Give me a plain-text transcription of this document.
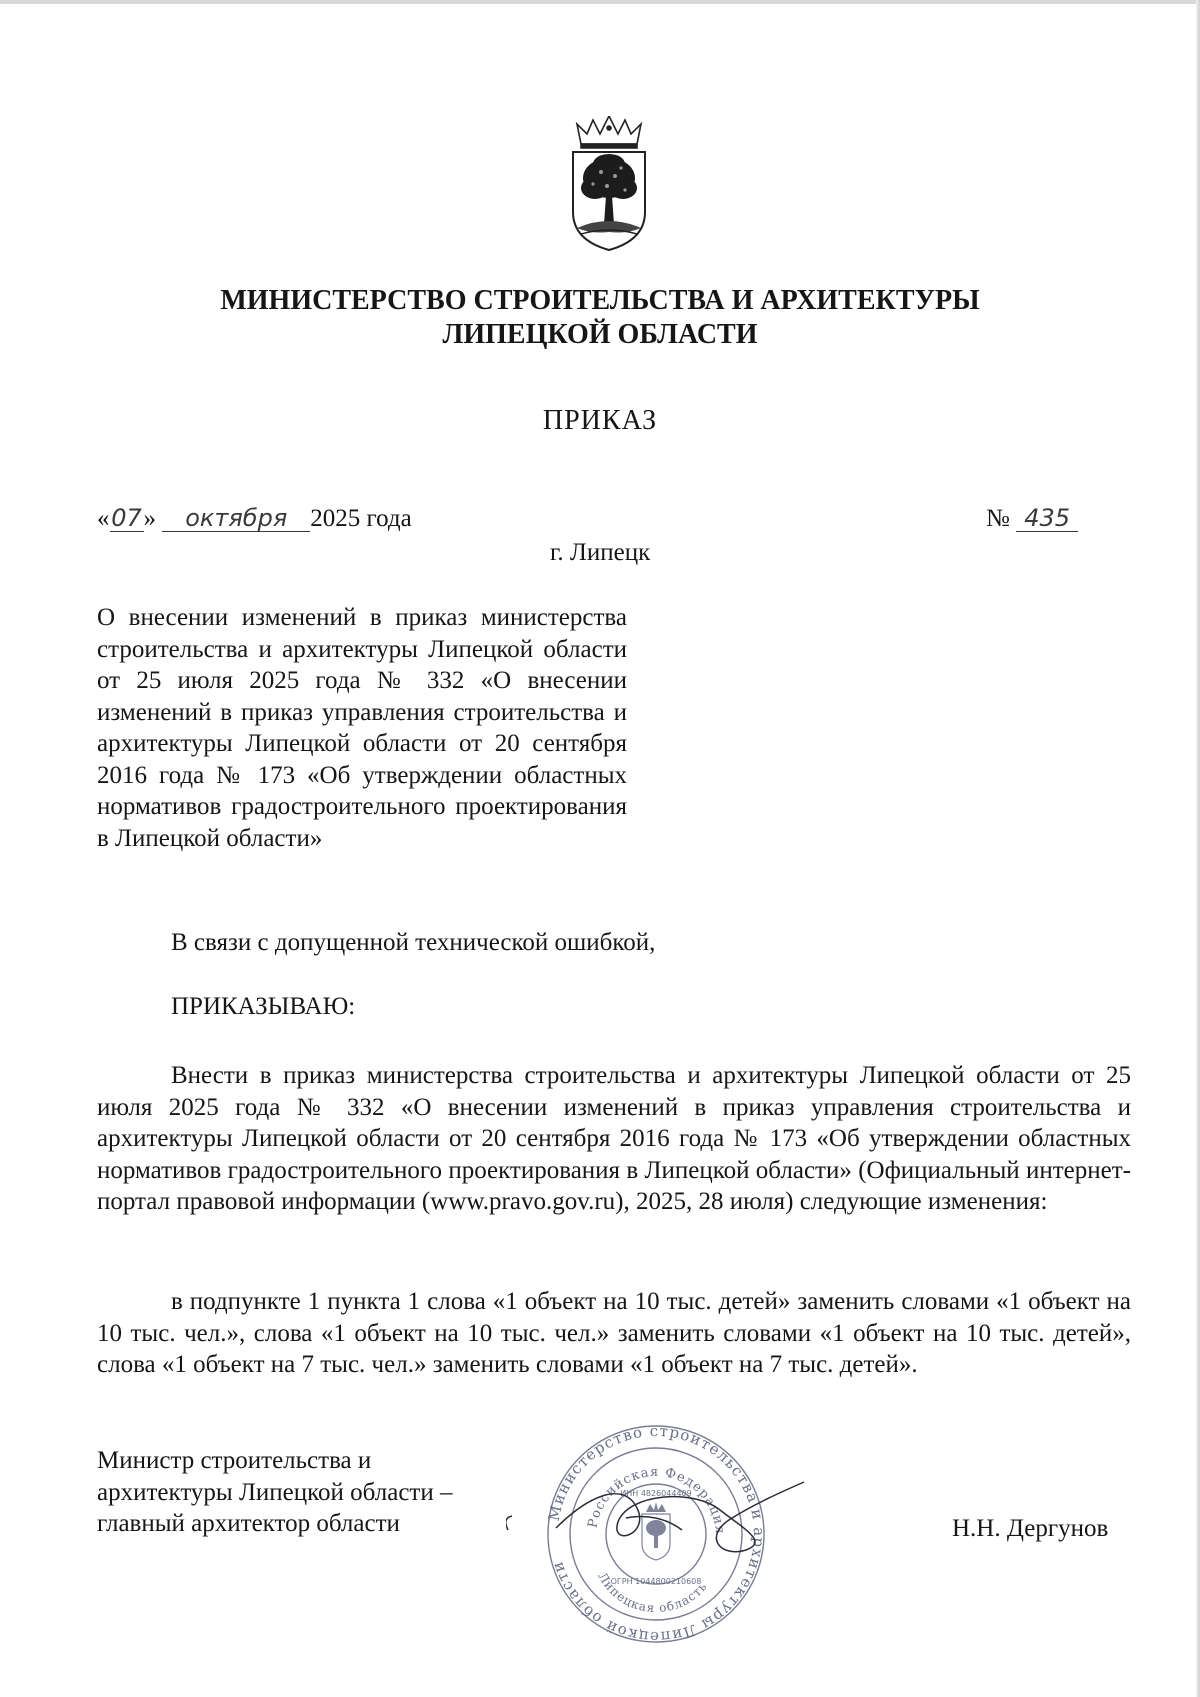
МИНИСТЕРСТВО СТРОИТЕЛЬСТВА И АРХИТЕКТУРЫ
ЛИПЕЦКОЙ ОБЛАСТИ
ПРИКАЗ
«07» октября 2025 года	№ 435
г. Липецк
О внесении изменений в приказ министерства строительства и архитектуры Липецкой области от 25 июля 2025 года № 332 «О внесении изменений в приказ управления строительства и архитектуры Липецкой области от 20 сентября 2016 года № 173 «Об утверждении областных нормативов градостроительного проектирования в Липецкой области»
В связи с допущенной технической ошибкой,
ПРИКАЗЫВАЮ:
Внести в приказ министерства строительства и архитектуры Липецкой области от 25 июля 2025 года № 332 «О внесении изменений в приказ управления строительства и архитектуры Липецкой области от 20 сентября 2016 года № 173 «Об утверждении областных нормативов градостроительного проектирования в Липецкой области» (Официальный интернет-портал правовой информации (www.pravo.gov.ru), 2025, 28 июля) следующие изменения:
в подпункте 1 пункта 1 слова «1 объект на 10 тыс. детей» заменить словами «1 объект на 10 тыс. чел.», слова «1 объект на 10 тыс. чел.» заменить словами «1 объект на 10 тыс. детей», слова «1 объект на 7 тыс. чел.» заменить словами «1 объект на 7 тыс. детей».
Министр строительства и
архитектуры Липецкой области –
главный архитектор области	Министерство строительства и архитектуры Липецкой области
Российская Федерация
Липецкая область
ИНН 4826044409
ОГРН 1044800210608
Н.Н. Дергунов
